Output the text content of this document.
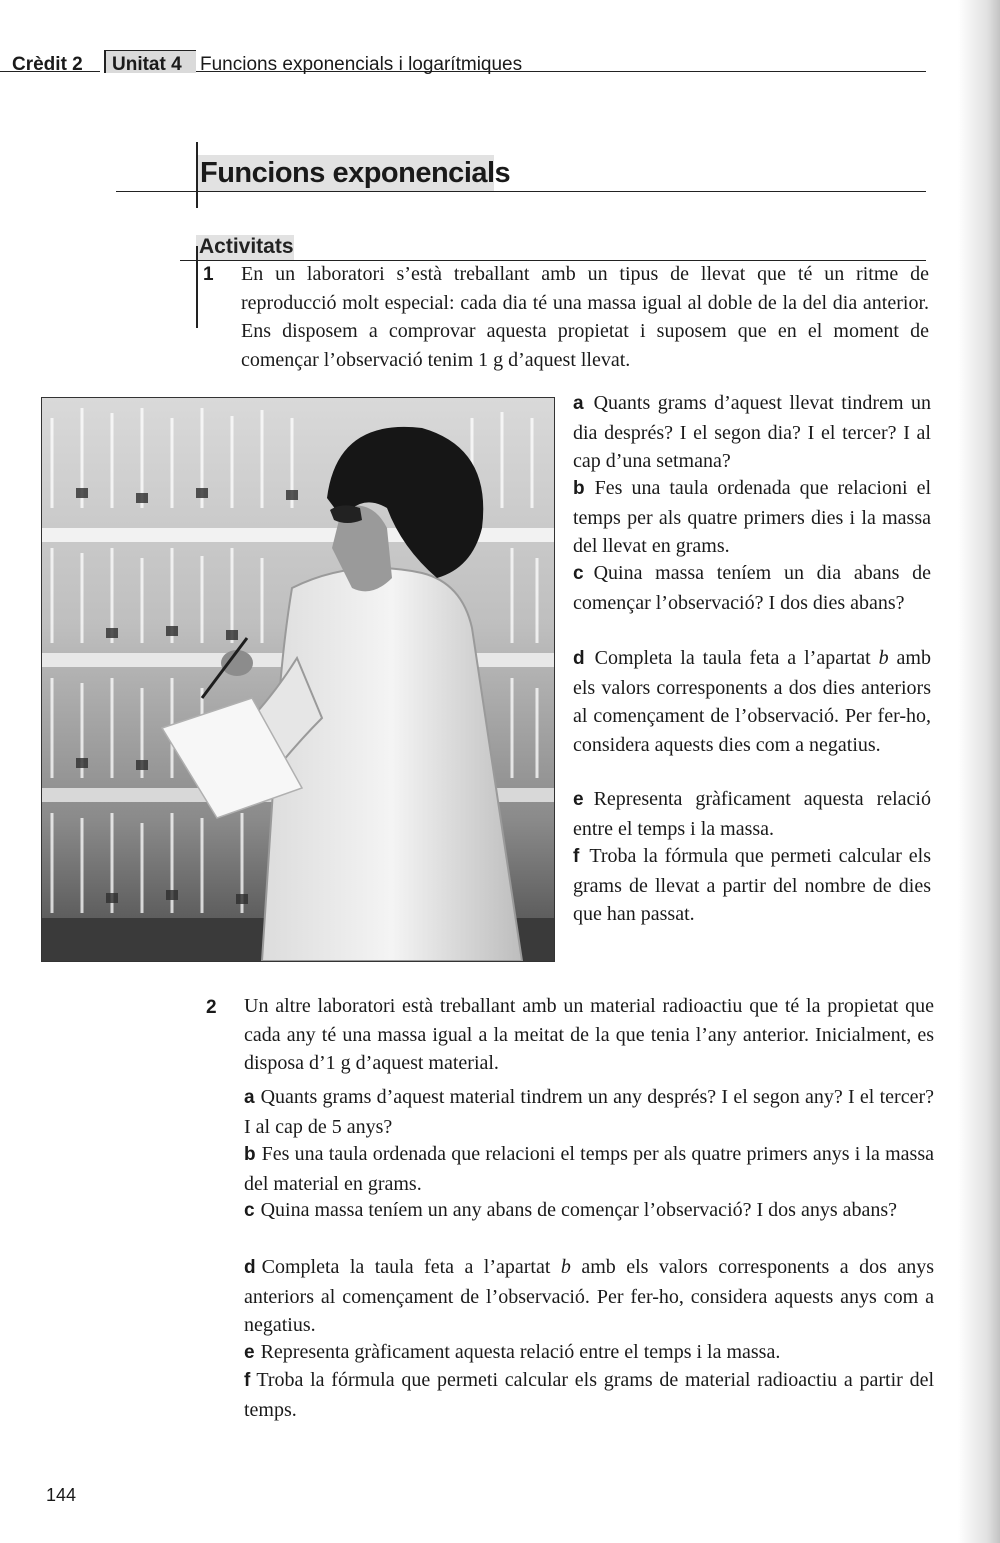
Crèdit 2 Unitat 4 Funcions exponencials i logarítmiques
Funcions exponencials
Activitats
1 En un laboratori s’està treballant amb un tipus de llevat que té un ritme de reproducció molt especial: cada dia té una massa igual al doble de la del dia anterior. Ens disposem a comprovar aquesta propietat i suposem que en el moment de començar l’observació tenim 1 g d’aquest llevat.
a Quants grams d’aquest llevat tindrem un dia després? I el segon dia? I el tercer? I al cap d’una setmana?
b Fes una taula ordenada que relacioni el temps per als quatre primers dies i la massa del llevat en grams.
c Quina massa teníem un dia abans de començar l’observació? I dos dies abans?
d Completa la taula feta a l’apartat b amb els valors corresponents a dos dies anteriors al començament de l’observació. Per fer-ho, considera aquests dies com a negatius.
e Representa gràficament aquesta relació entre el temps i la massa.
f Troba la fórmula que permeti calcular els grams de llevat a partir del nombre de dies que han passat.
2 Un altre laboratori està treballant amb un material radioactiu que té la propietat que cada any té una massa igual a la meitat de la que tenia l’any anterior. Inicialment, es disposa d’1 g d’aquest material.
a Quants grams d’aquest material tindrem un any després? I el segon any? I el tercer? I al cap de 5 anys?
b Fes una taula ordenada que relacioni el temps per als quatre primers anys i la massa del material en grams.
c Quina massa teníem un any abans de començar l’observació? I dos anys abans?
d Completa la taula feta a l’apartat b amb els valors corresponents a dos anys anteriors al començament de l’observació. Per fer-ho, considera aquests anys com a negatius.
e Representa gràficament aquesta relació entre el temps i la massa.
f Troba la fórmula que permeti calcular els grams de material radioactiu a partir del temps.
144
